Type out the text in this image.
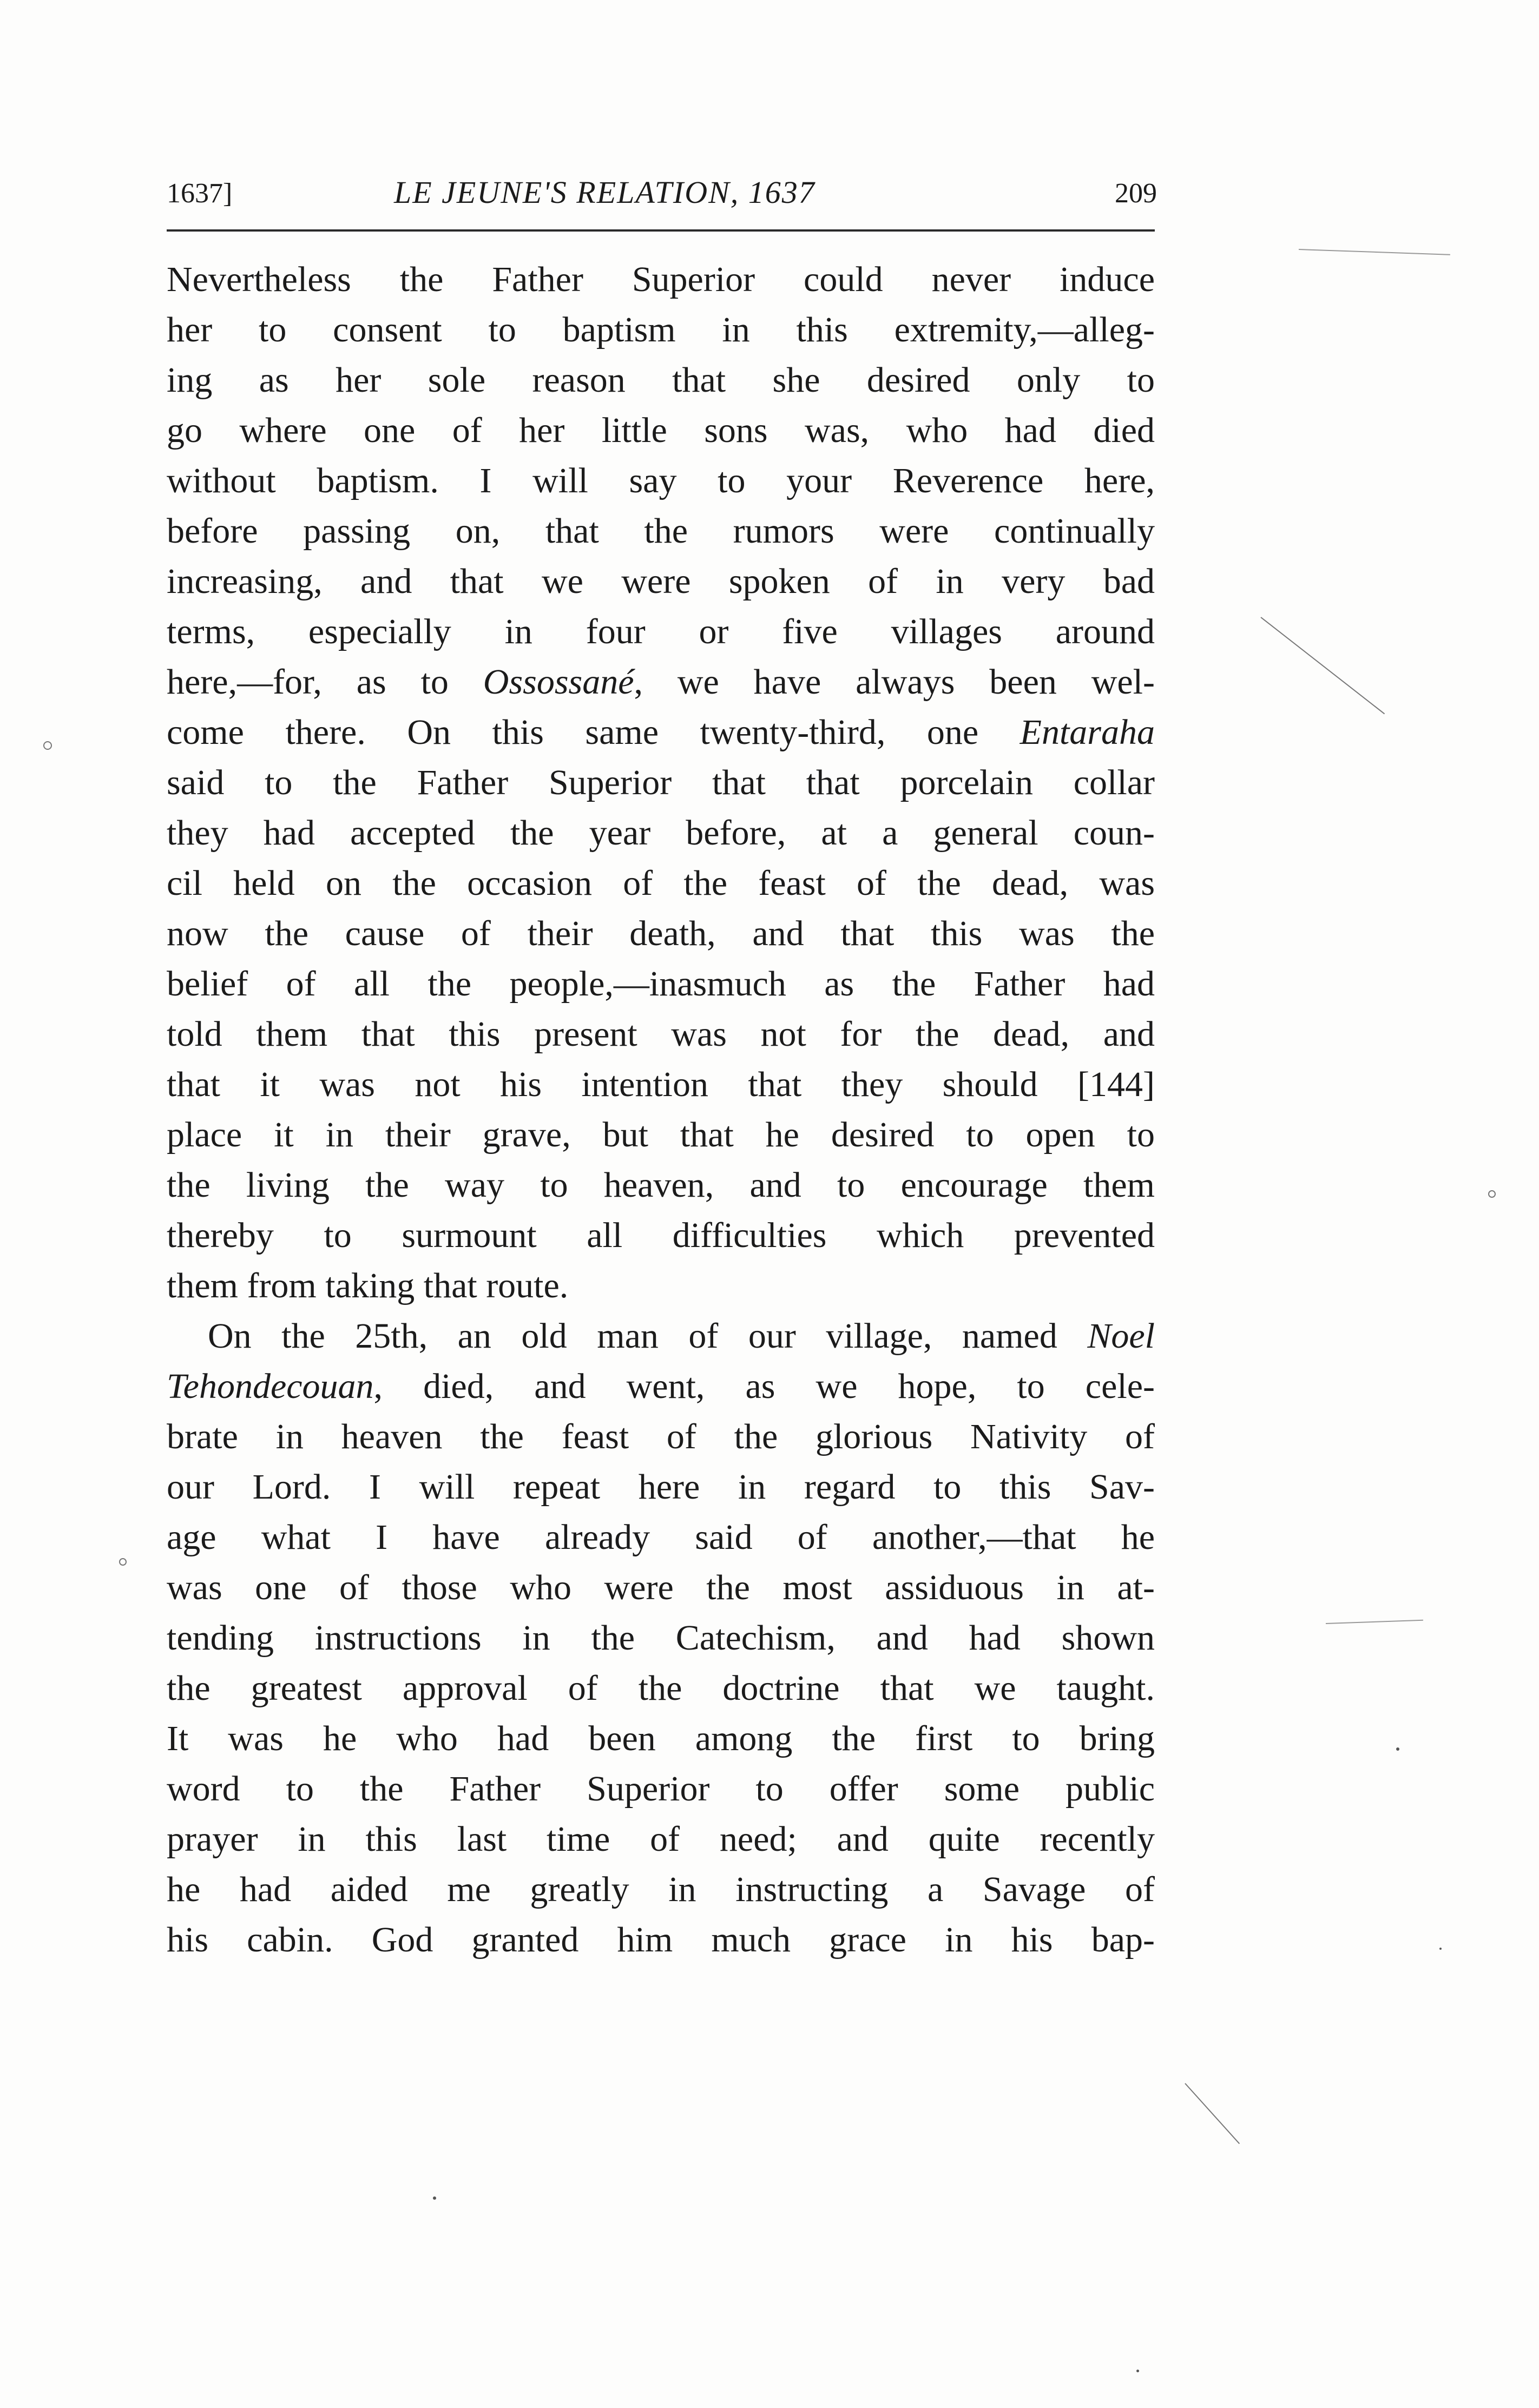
1637]	LE JEUNE'S RELATION, 1637	209
Nevertheless the Father Superior could never induce
her to consent to baptism in this extremity,—alleg-
ing as her sole reason that she desired only to
go where one of her little sons was, who had died
without baptism. I will say to your Reverence here,
before passing on, that the rumors were continually
increasing, and that we were spoken of in very bad
terms, especially in four or five villages around
here,—for, as to Ossossané, we have always been wel-
come there. On this same twenty-third, one Entaraha
said to the Father Superior that that porcelain collar
they had accepted the year before, at a general coun-
cil held on the occasion of the feast of the dead, was
now the cause of their death, and that this was the
belief of all the people,—inasmuch as the Father had
told them that this present was not for the dead, and
that it was not his intention that they should [144]
place it in their grave, but that he desired to open to
the living the way to heaven, and to encourage them
thereby to surmount all difficulties which prevented
them from taking that route.
On the 25th, an old man of our village, named Noel
Tehondecouan, died, and went, as we hope, to cele-
brate in heaven the feast of the glorious Nativity of
our Lord. I will repeat here in regard to this Sav-
age what I have already said of another,—that he
was one of those who were the most assiduous in at-
tending instructions in the Catechism, and had shown
the greatest approval of the doctrine that we taught.
It was he who had been among the first to bring
word to the Father Superior to offer some public
prayer in this last time of need; and quite recently
he had aided me greatly in instructing a Savage of
his cabin. God granted him much grace in his bap-
